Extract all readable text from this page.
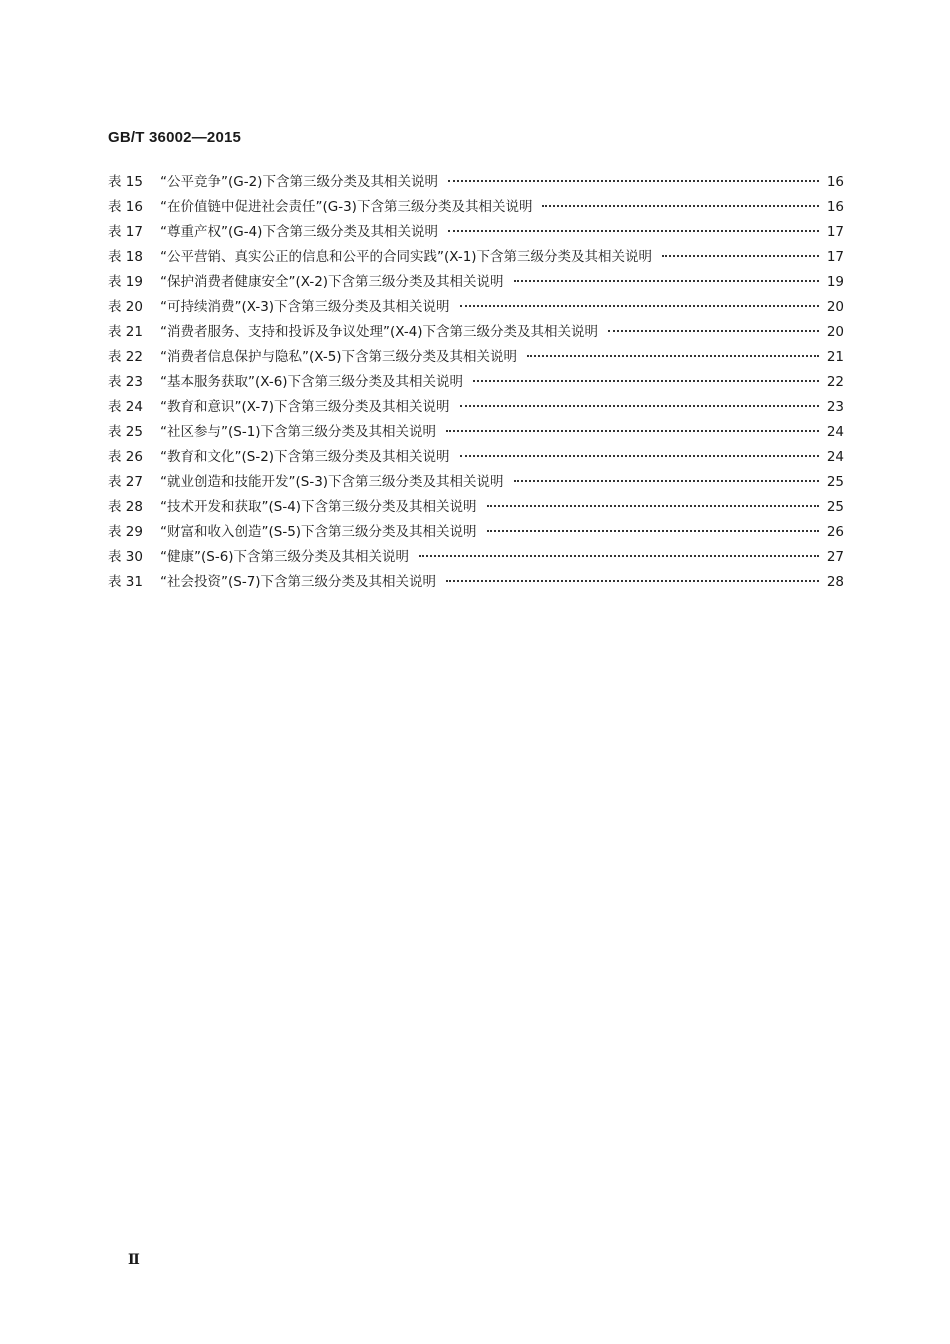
GB/T 36002—2015
表 15	“公平竞争”(G-2)下含第三级分类及其相关说明	16
表 16	“在价值链中促进社会责任”(G-3)下含第三级分类及其相关说明	16
表 17	“尊重产权”(G-4)下含第三级分类及其相关说明	17
表 18	“公平营销、真实公正的信息和公平的合同实践”(X-1)下含第三级分类及其相关说明	17
表 19	“保护消费者健康安全”(X-2)下含第三级分类及其相关说明	19
表 20	“可持续消费”(X-3)下含第三级分类及其相关说明	20
表 21	“消费者服务、支持和投诉及争议处理”(X-4)下含第三级分类及其相关说明	20
表 22	“消费者信息保护与隐私”(X-5)下含第三级分类及其相关说明	21
表 23	“基本服务获取”(X-6)下含第三级分类及其相关说明	22
表 24	“教育和意识”(X-7)下含第三级分类及其相关说明	23
表 25	“社区参与”(S-1)下含第三级分类及其相关说明	24
表 26	“教育和文化”(S-2)下含第三级分类及其相关说明	24
表 27	“就业创造和技能开发”(S-3)下含第三级分类及其相关说明	25
表 28	“技术开发和获取”(S-4)下含第三级分类及其相关说明	25
表 29	“财富和收入创造”(S-5)下含第三级分类及其相关说明	26
表 30	“健康”(S-6)下含第三级分类及其相关说明	27
表 31	“社会投资”(S-7)下含第三级分类及其相关说明	28
Ⅱ
